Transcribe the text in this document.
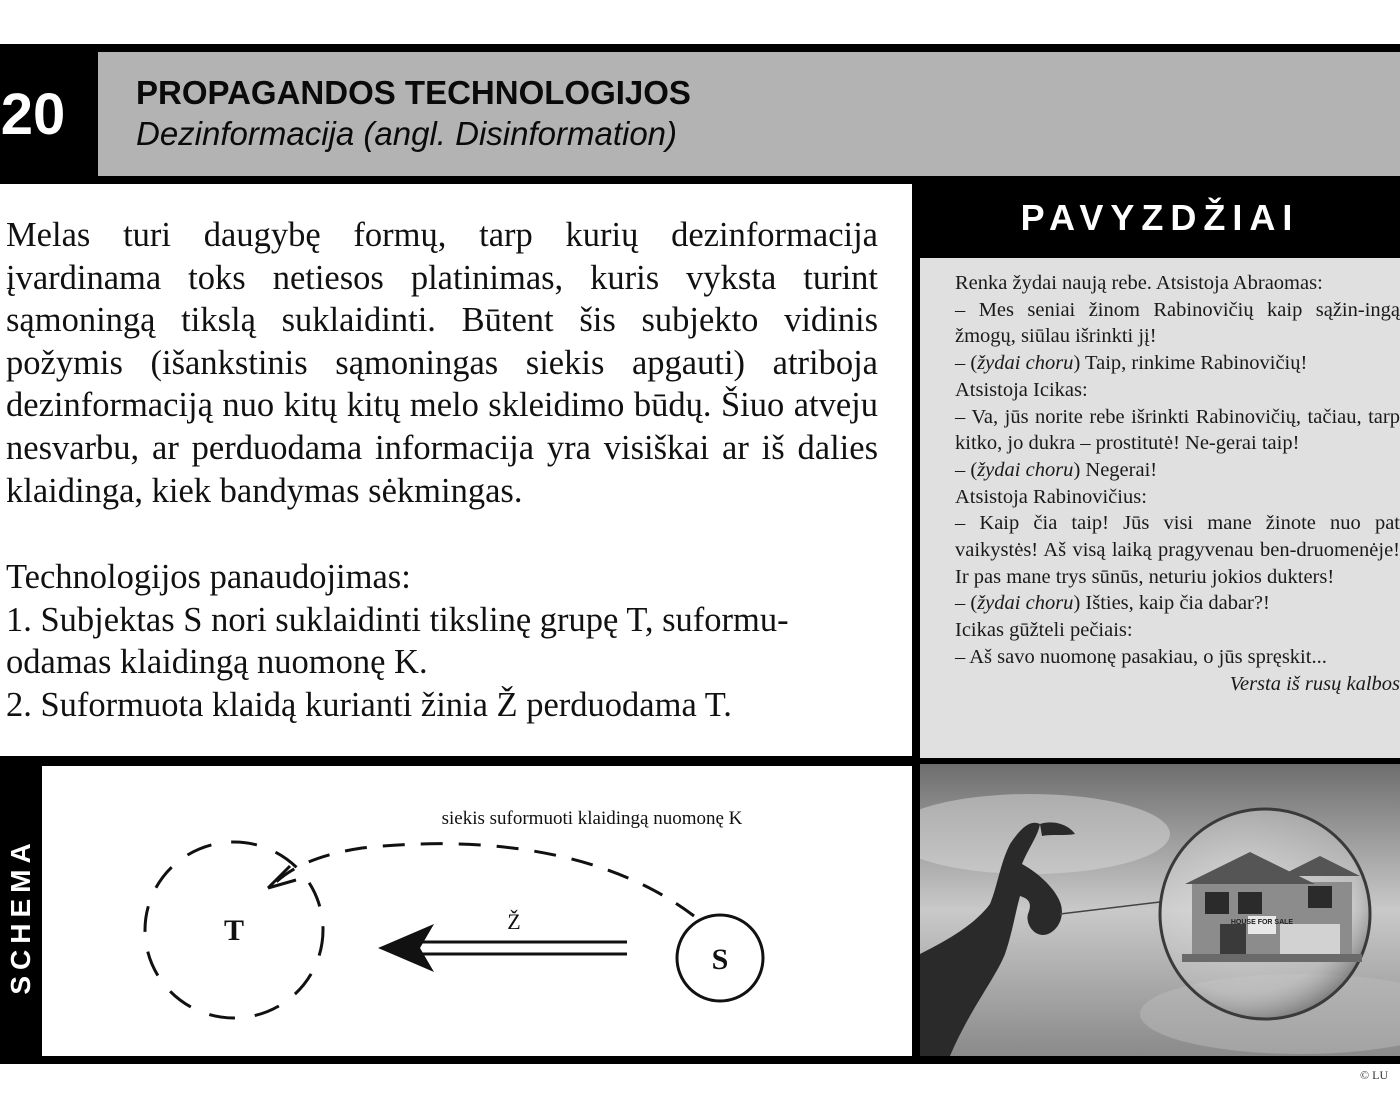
20 PROPAGANDOS TECHNOLOGIJOS
Dezinformacija (angl. Disinformation)

Melas turi daugybę formų, tarp kurių dezinformacija įvardinama toks netiesos platinimas, kuris vyksta turint sąmoningą tikslą suklaidinti. Būtent šis subjekto vidinis požymis (išankstinis sąmoningas siekis apgauti) atriboja dezinformaciją nuo kitų kitų melo skleidimo būdų. Šiuo atveju nesvarbu, ar perduodama informacija yra visiškai ar iš dalies klaidinga, kiek bandymas sėkmingas.

Technologijos panaudojimas:
1. Subjektas S nori suklaidinti tikslinę grupę T, suformu-
odamas klaidingą nuomonę K.
2. Suformuota klaidą kurianti žinia Ž perduodama T.
PAVYZDŽIAI
Renka žydai naują rebe. Atsistoja Abraomas:
– Mes seniai žinom Rabinovičių kaip sąžin-ingą žmogų, siūlau išrinkti jį!
– (žydai choru) Taip, rinkime Rabinovičių!
Atsistoja Icikas:
– Va, jūs norite rebe išrinkti Rabinovičių, tačiau, tarp kitko, jo dukra – prostitutė! Ne-gerai taip!
– (žydai choru) Negerai!
Atsistoja Rabinovičius:
– Kaip čia taip! Jūs visi mane žinote nuo pat vaikystės! Aš visą laiką pragyvenau ben-druomenėje! Ir pas mane trys sūnūs, neturiu jokios dukters!
– (žydai choru) Išties, kaip čia dabar?!
Icikas gūžteli pečiais:
– Aš savo nuomonę pasakiau, o jūs spręskit...
Versta iš rusų kalbos
HOUSE FOR SALE
SCHEMA	T
S
siekis suformuoti klaidingą nuomonę K
Ž
© LU
